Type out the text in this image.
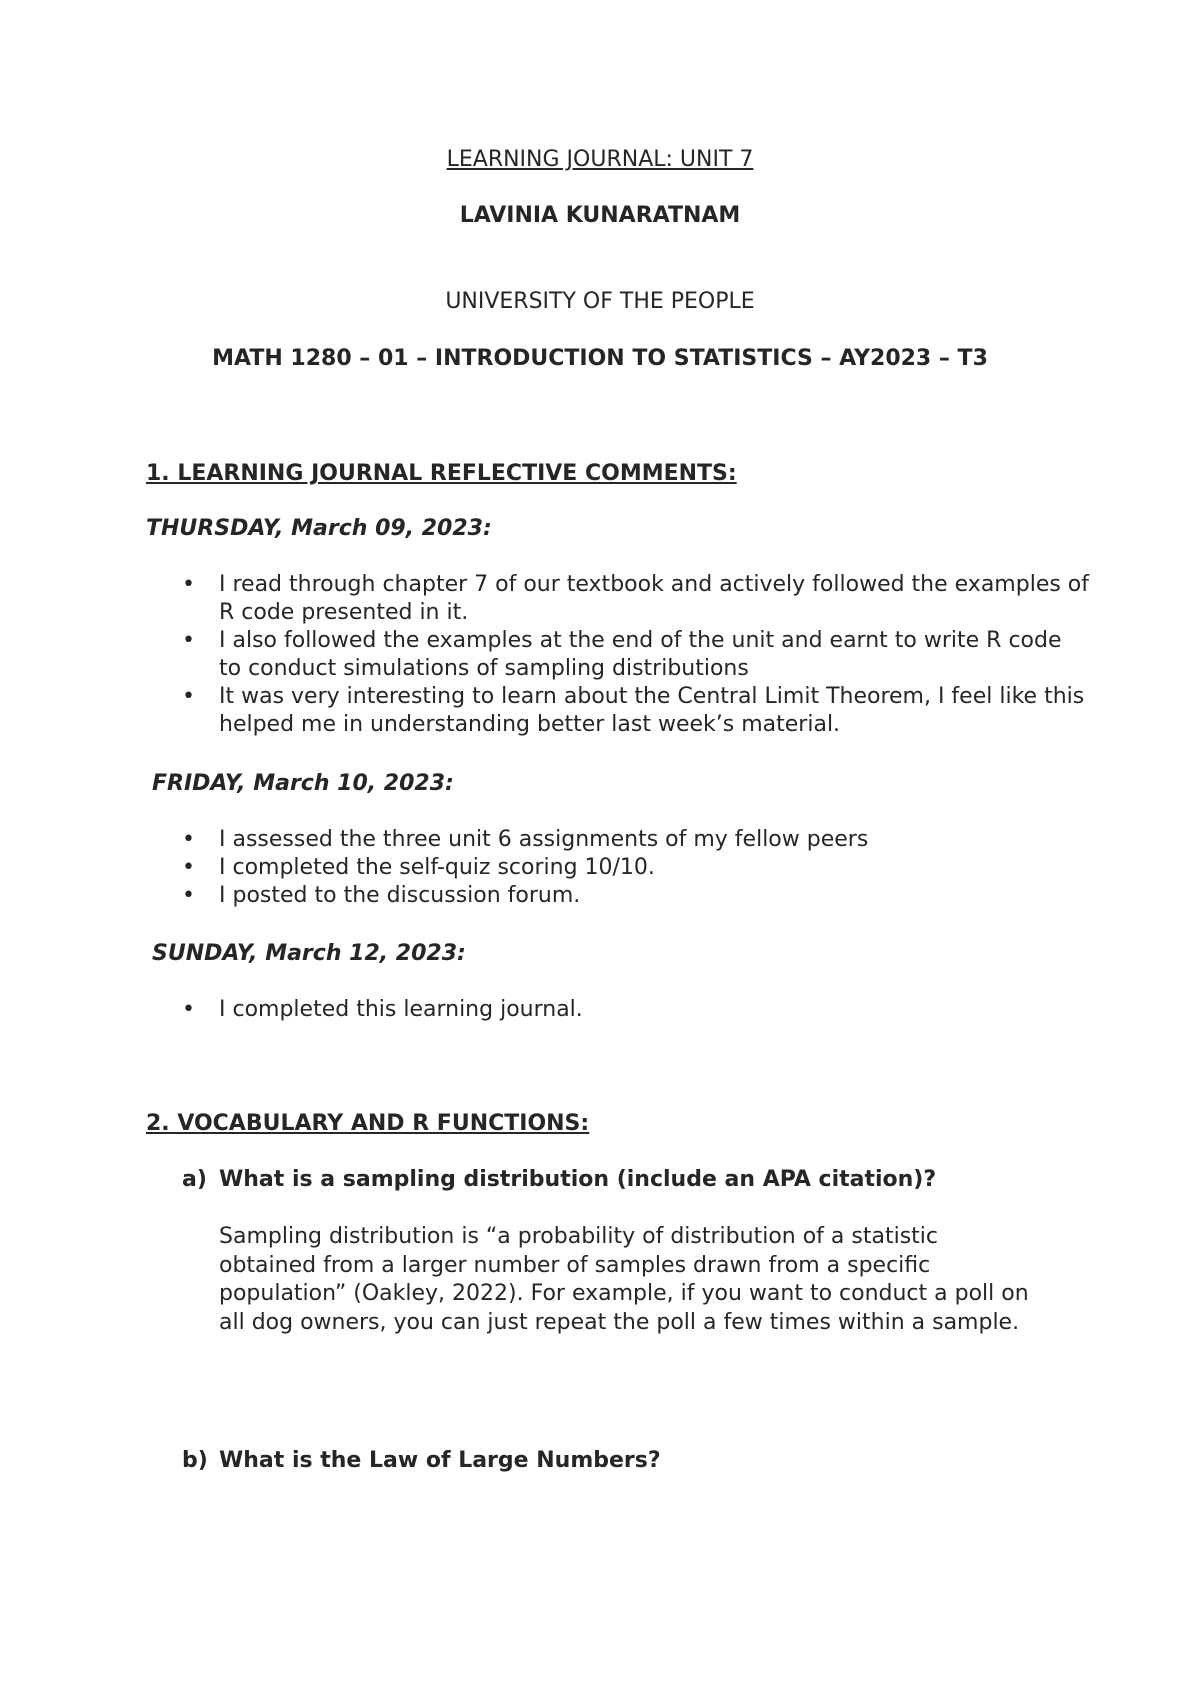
LEARNING JOURNAL: UNIT 7
LAVINIA KUNARATNAM
UNIVERSITY OF THE PEOPLE
MATH 1280 – 01 – INTRODUCTION TO STATISTICS – AY2023 – T3
1. LEARNING JOURNAL REFLECTIVE COMMENTS:
THURSDAY, March 09, 2023:
• I read through chapter 7 of our textbook and actively followed the examples of R code presented in it.
• I also followed the examples at the end of the unit and earnt to write R code to conduct simulations of sampling distributions
• It was very interesting to learn about the Central Limit Theorem, I feel like this helped me in understanding better last week’s material.
FRIDAY, March 10, 2023:
• I assessed the three unit 6 assignments of my fellow peers
• I completed the self-quiz scoring 10/10.
• I posted to the discussion forum.
SUNDAY, March 12, 2023:
• I completed this learning journal.
2. VOCABULARY AND R FUNCTIONS:
a) What is a sampling distribution (include an APA citation)?
Sampling distribution is “a probability of distribution of a statistic obtained from a larger number of samples drawn from a specific population” (Oakley, 2022). For example, if you want to conduct a poll on all dog owners, you can just repeat the poll a few times within a sample.
b) What is the Law of Large Numbers?
